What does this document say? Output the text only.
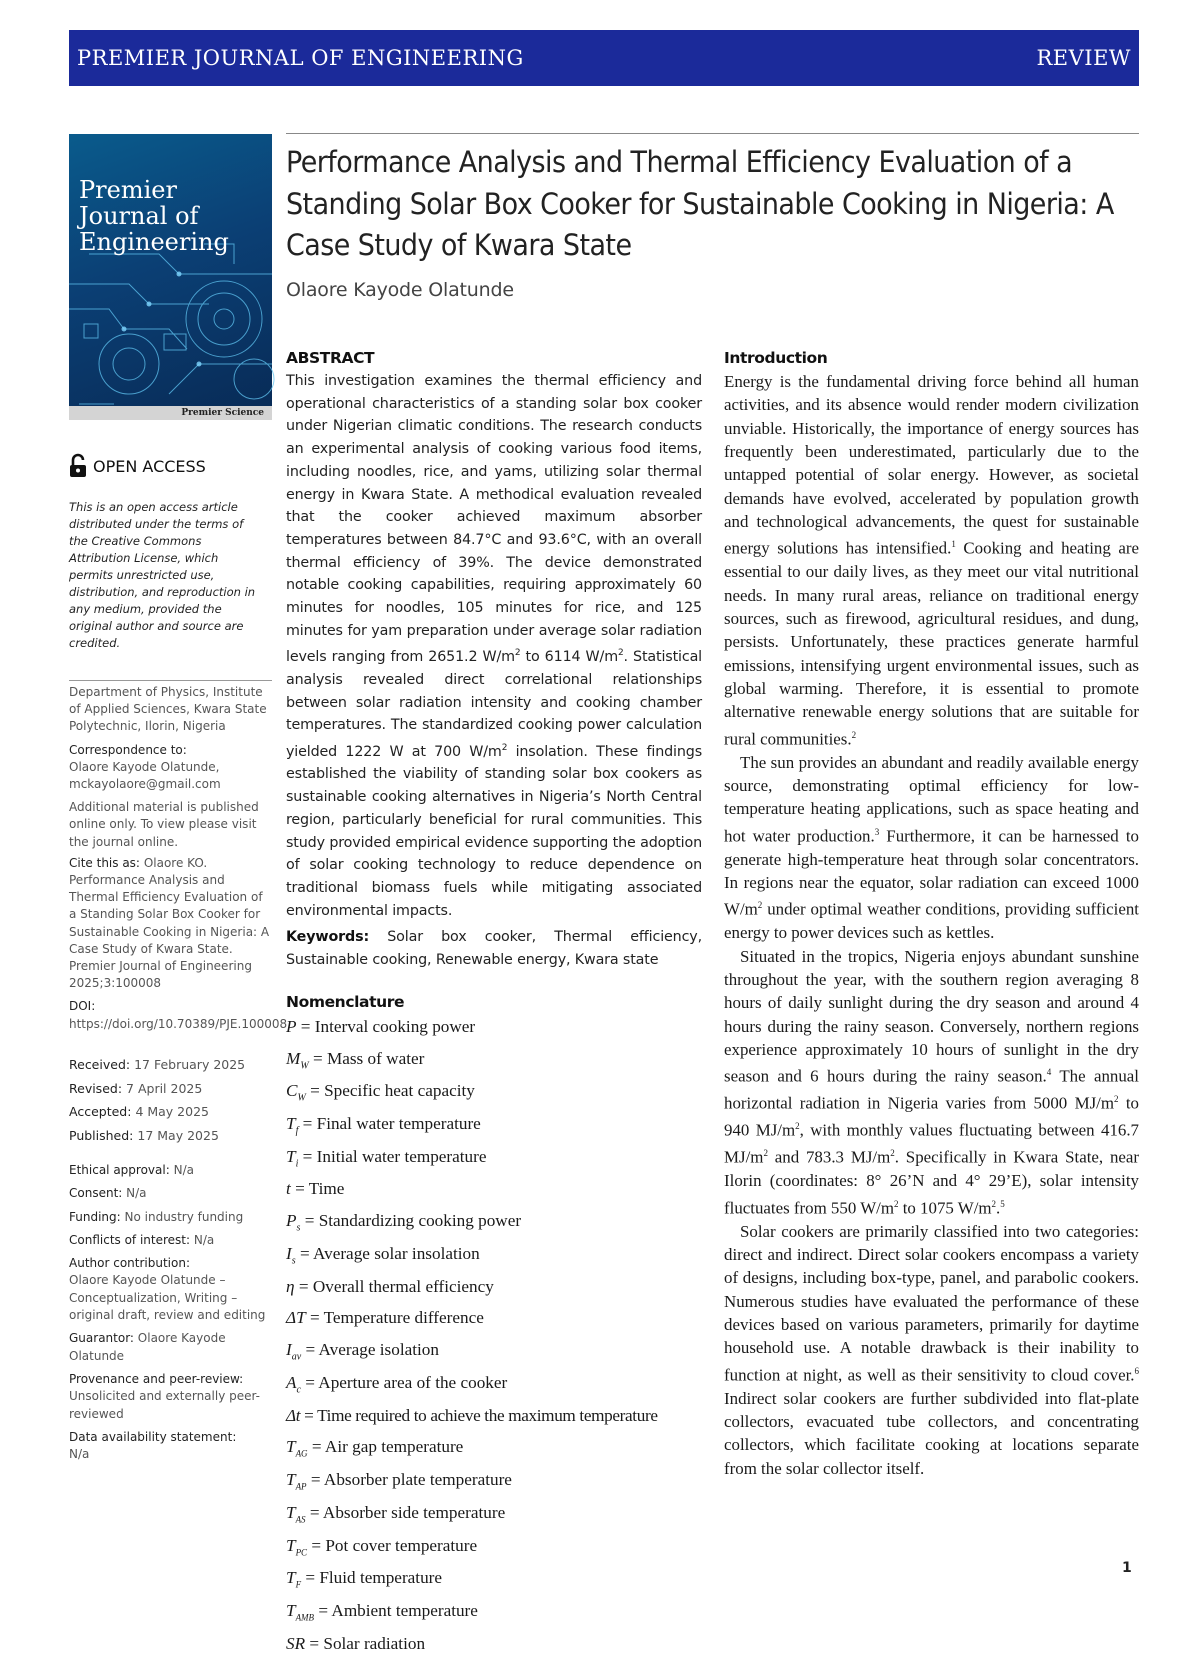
PREMIER JOURNAL OF ENGINEERING	REVIEW
Premier Journal of Engineering
Premier Science
OPEN ACCESS
This is an open access article distributed under the terms of the Creative Commons Attribution License, which permits unrestricted use, distribution, and reproduction in any medium, provided the original author and source are credited.
Department of Physics, Institute of Applied Sciences, Kwara State Polytechnic, Ilorin, Nigeria
Correspondence to:
Olaore Kayode Olatunde, mckayolaore@gmail.com
Additional material is published online only. To view please visit the journal online.
Cite this as: Olaore KO. Performance Analysis and Thermal Efficiency Evaluation of a Standing Solar Box Cooker for Sustainable Cooking in Nigeria: A Case Study of Kwara State. Premier Journal of Engineering 2025;3:100008
DOI: https://doi.org/10.70389/PJE.100008
Received: 17 February 2025
Revised: 7 April 2025
Accepted: 4 May 2025
Published: 17 May 2025
Ethical approval: N/a
Consent: N/a
Funding: No industry funding
Conflicts of interest: N/a
Author contribution:
Olaore Kayode Olatunde – Conceptualization, Writing – original draft, review and editing
Guarantor: Olaore Kayode Olatunde
Provenance and peer-review:
Unsolicited and externally peer-reviewed
Data availability statement:
N/a
Performance Analysis and Thermal Efficiency Evaluation of a Standing Solar Box Cooker for Sustainable Cooking in Nigeria: A Case Study of Kwara State
Olaore Kayode Olatunde
ABSTRACT
This investigation examines the thermal efficiency and operational characteristics of a standing solar box cooker under Nigerian climatic conditions. The research conducts an experimental analysis of cooking various food items, including noodles, rice, and yams, utilizing solar thermal energy in Kwara State. A methodical evaluation revealed that the cooker achieved maximum absorber temperatures between 84.7°C and 93.6°C, with an overall thermal efficiency of 39%. The device demonstrated notable cooking capabilities, requiring approximately 60 minutes for noodles, 105 minutes for rice, and 125 minutes for yam preparation under average solar radiation levels ranging from 2651.2 $W/m^2$ to 6114 $W/m^2$. Statistical analysis revealed direct correlational relationships between solar radiation intensity and cooking chamber temperatures. The standardized cooking power calculation yielded 1222 W at 700 $W/m^2$ insolation. These findings established the viability of standing solar box cookers as sustainable cooking alternatives in Nigeria’s North Central region, particularly beneficial for rural communities. This study provided empirical evidence supporting the adoption of solar cooking technology to reduce dependence on traditional biomass fuels while mitigating associated environmental impacts.
Keywords: Solar box cooker, Thermal efficiency, Sustainable cooking, Renewable energy, Kwara state
Nomenclature
P = Interval cooking power
$M_W$ = Mass of water
$C_W$ = Specific heat capacity
$T_f$ = Final water temperature
$T_i$ = Initial water temperature
t = Time
$P_s$ = Standardizing cooking power
$I_s$ = Average solar insolation
η = Overall thermal efficiency
ΔT = Temperature difference
$I_{av}$ = Average isolation
$A_c$ = Aperture area of the cooker
Δt = Time required to achieve the maximum temperature
$T_{AG}$ = Air gap temperature
$T_{AP}$ = Absorber plate temperature
$T_{AS}$ = Absorber side temperature
$T_{PC}$ = Pot cover temperature
$T_F$ = Fluid temperature
$T_{AMB}$ = Ambient temperature
SR = Solar radiation
Introduction

Energy is the fundamental driving force behind all human activities, and its absence would render modern civilization unviable. Historically, the importance of energy sources has frequently been underestimated, particularly due to the untapped potential of solar energy. However, as societal demands have evolved, accelerated by population growth and technological advancements, the quest for sustainable energy solutions has intensified.$^1$ Cooking and heating are essential to our daily lives, as they meet our vital nutritional needs. In many rural areas, reliance on traditional energy sources, such as firewood, agricultural residues, and dung, persists. Unfortunately, these practices generate harmful emissions, intensifying urgent environmental issues, such as global warming. Therefore, it is essential to promote alternative renewable energy solutions that are suitable for rural communities.$^2$

The sun provides an abundant and readily available energy source, demonstrating optimal efficiency for low-temperature heating applications, such as space heating and hot water production.$^3$ Furthermore, it can be harnessed to generate high-temperature heat through solar concentrators. In regions near the equator, solar radiation can exceed 1000 $W/m^2$ under optimal weather conditions, providing sufficient energy to power devices such as kettles.

Situated in the tropics, Nigeria enjoys abundant sunshine throughout the year, with the southern region averaging 8 hours of daily sunlight during the dry season and around 4 hours during the rainy season. Conversely, northern regions experience approximately 10 hours of sunlight in the dry season and 6 hours during the rainy season.$^4$ The annual horizontal radiation in Nigeria varies from 5000 $MJ/m^2$ to 940 $MJ/m^2$, with monthly values fluctuating between 416.7 $MJ/m^2$ and 783.3 $MJ/m^2$. Specifically in Kwara State, near Ilorin (coordinates: 8° 26’N and 4° 29’E), solar intensity fluctuates from 550 $W/m^2$ to 1075 $W/m^2.^5$

Solar cookers are primarily classified into two categories: direct and indirect. Direct solar cookers encompass a variety of designs, including box-type, panel, and parabolic cookers. Numerous studies have evaluated the performance of these devices based on various parameters, primarily for daytime household use. A notable drawback is their inability to function at night, as well as their sensitivity to cloud cover.$^6$ Indirect solar cookers are further subdivided into flat-plate collectors, evacuated tube collectors, and concentrating collectors, which facilitate cooking at locations separate from the solar collector itself.

1
